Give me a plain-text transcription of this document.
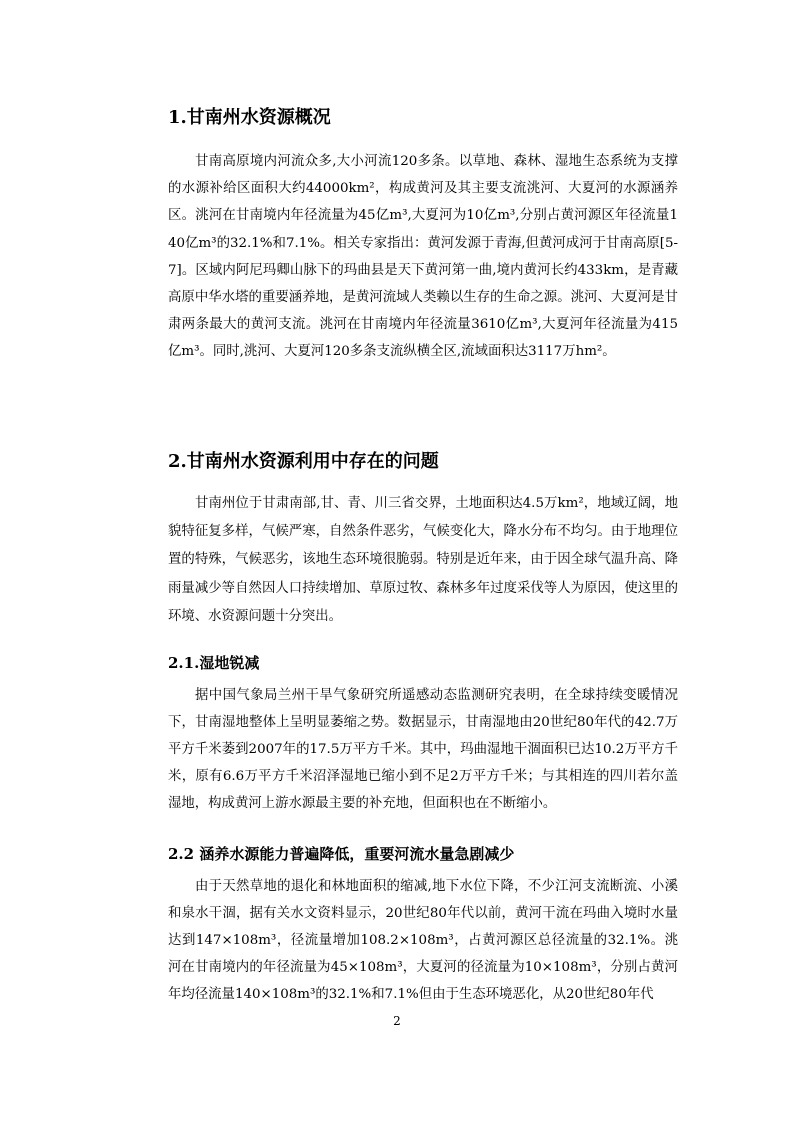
1.甘南州水资源概况

甘南高原境内河流众多,大小河流120多条。以草地、森林、湿地生态系统为支撑的水源补给区面积大约44000km²，构成黄河及其主要支流洮河、大夏河的水源涵养区。洮河在甘南境内年径流量为45亿m³,大夏河为10亿m³,分别占黄河源区年径流量140亿m³的32.1%和7.1%。相关专家指出：黄河发源于青海,但黄河成河于甘南高原[5-7]。区域内阿尼玛卿山脉下的玛曲县是天下黄河第一曲,境内黄河长约433km，是青藏高原中华水塔的重要涵养地，是黄河流域人类赖以生存的生命之源。洮河、大夏河是甘肃两条最大的黄河支流。洮河在甘南境内年径流量3610亿m³,大夏河年径流量为415亿m³。同时,洮河、大夏河120多条支流纵横全区,流域面积达3117万hm²。

2.甘南州水资源利用中存在的问题

甘南州位于甘肃南部,甘、青、川三省交界，土地面积达4.5万km²，地域辽阔，地貌特征复多样，气候严寒，自然条件恶劣，气候变化大，降水分布不均匀。由于地理位置的特殊，气候恶劣，该地生态环境很脆弱。特别是近年来，由于因全球气温升高、降雨量减少等自然因人口持续增加、草原过牧、森林多年过度采伐等人为原因，使这里的环境、水资源问题十分突出。

2.1.湿地锐减

据中国气象局兰州干旱气象研究所遥感动态监测研究表明，在全球持续变暖情况下，甘南湿地整体上呈明显萎缩之势。数据显示，甘南湿地由20世纪80年代的42.7万平方千米萎到2007年的17.5万平方千米。其中，玛曲湿地干涸面积已达10.2万平方千米，原有6.6万平方千米沼泽湿地已缩小到不足2万平方千米；与其相连的四川若尔盖湿地，构成黄河上游水源最主要的补充地，但面积也在不断缩小。

2.2 涵养水源能力普遍降低，重要河流水量急剧减少

由于天然草地的退化和林地面积的缩减,地下水位下降，不少江河支流断流、小溪和泉水干涸，据有关水文资料显示，20世纪80年代以前，黄河干流在玛曲入境时水量达到147×108m³，径流量增加108.2×108m³，占黄河源区总径流量的32.1%。洮河在甘南境内的年径流量为45×108m³，大夏河的径流量为10×108m³，分别占黄河年均径流量140×108m³的32.1%和7.1%但由于生态环境恶化，从20世纪80年代

2
